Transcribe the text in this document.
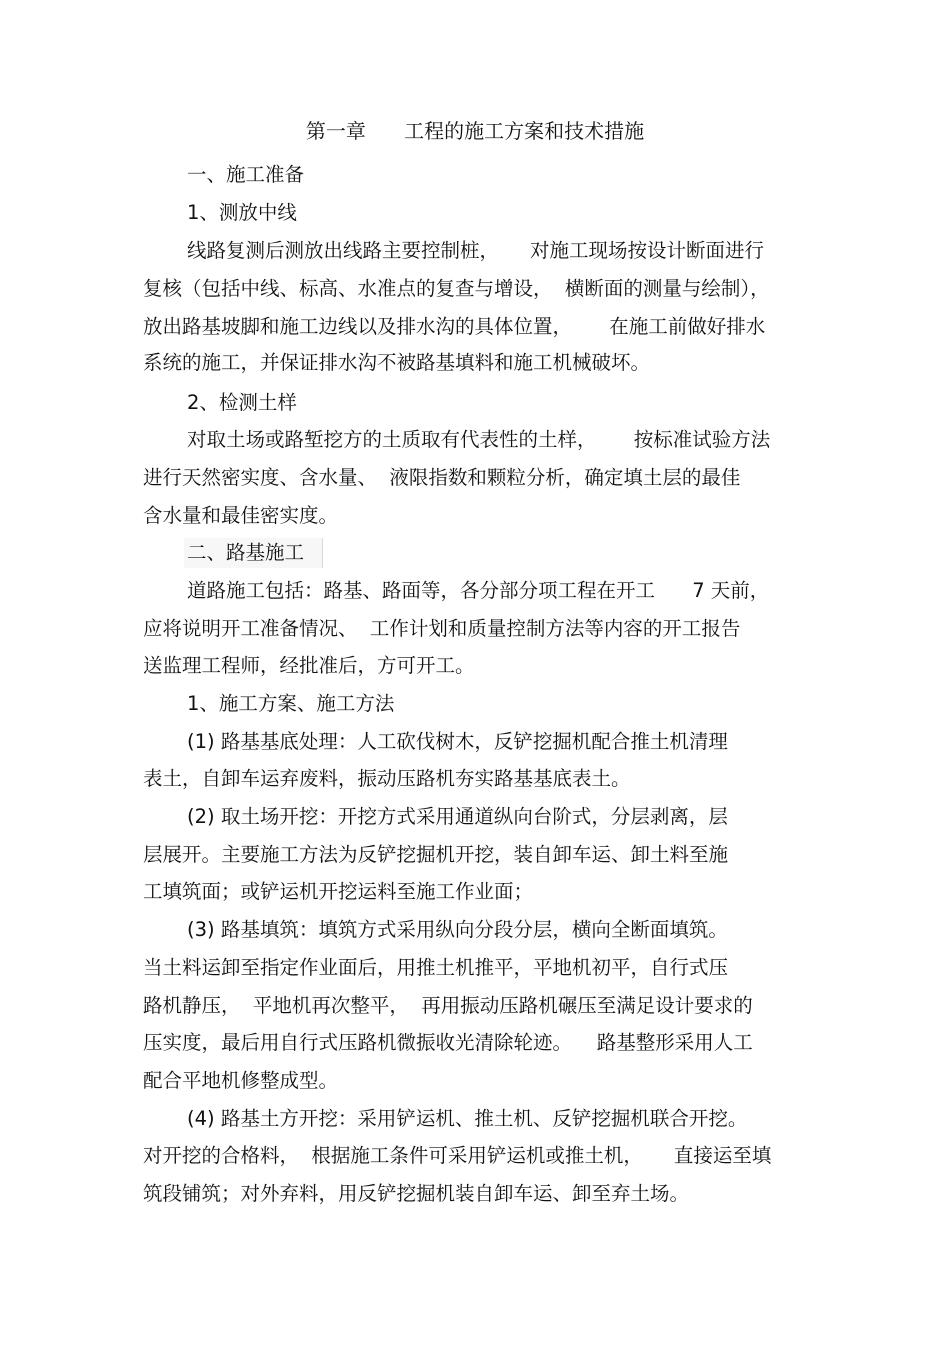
第一章      工程的施工方案和技术措施
一、施工准备
1、测放中线
线路复测后测放出线路主要控制桩，     对施工现场按设计断面进行
复核（包括中线、标高、水准点的复查与增设，  横断面的测量与绘制），
放出路基坡脚和施工边线以及排水沟的具体位置，      在施工前做好排水
系统的施工，并保证排水沟不被路基填料和施工机械破坏。
2、检测土样
对取土场或路堑挖方的土质取有代表性的土样，      按标准试验方法
进行天然密实度、含水量、  液限指数和颗粒分析，确定填土层的最佳
含水量和最佳密实度。
二、路基施工
道路施工包括：路基、路面等，各分部分项工程在开工      7 天前，
应将说明开工准备情况、  工作计划和质量控制方法等内容的开工报告
送监理工程师，经批准后，方可开工。
1、施工方案、施工方法
(1) 路基基底处理：人工砍伐树木，反铲挖掘机配合推土机清理
表土，自卸车运弃废料，振动压路机夯实路基基底表土。
(2) 取土场开挖：开挖方式采用通道纵向台阶式，分层剥离，层
层展开。主要施工方法为反铲挖掘机开挖，装自卸车运、卸土料至施
工填筑面；或铲运机开挖运料至施工作业面；
(3) 路基填筑：填筑方式采用纵向分段分层，横向全断面填筑。
当土料运卸至指定作业面后，用推土机推平，平地机初平，自行式压
路机静压，  平地机再次整平，  再用振动压路机碾压至满足设计要求的
压实度，最后用自行式压路机微振收光清除轮迹。    路基整形采用人工
配合平地机修整成型。
(4) 路基土方开挖：采用铲运机、推土机、反铲挖掘机联合开挖。
对开挖的合格料，  根据施工条件可采用铲运机或推土机，     直接运至填
筑段铺筑；对外弃料，用反铲挖掘机装自卸车运、卸至弃土场。
